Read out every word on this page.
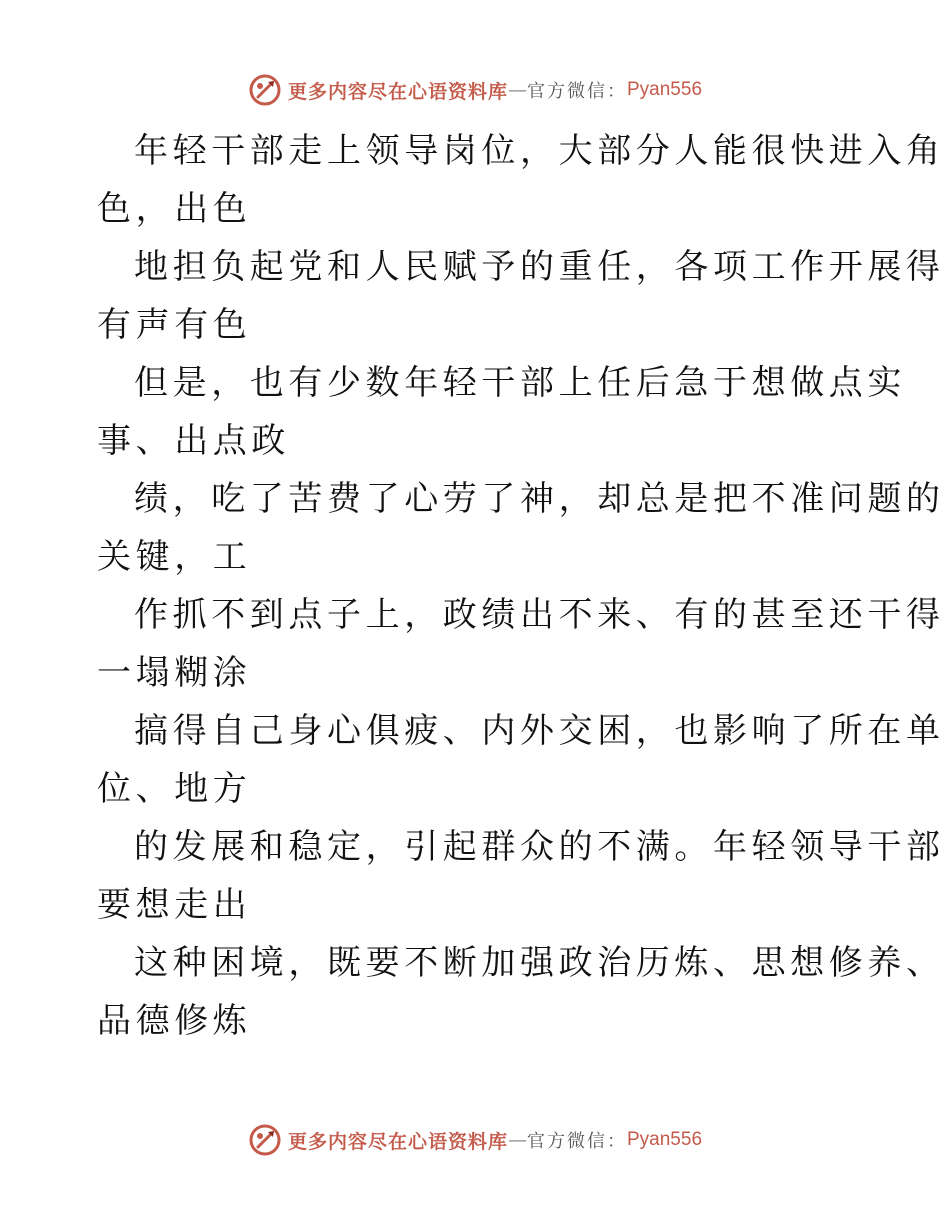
更多内容尽在心语资料库 — 官方微信： Pyan556

年轻干部走上领导岗位，大部分人能很快进入角
色，出色

地担负起党和人民赋予的重任，各项工作开展得
有声有色

但是，也有少数年轻干部上任后急于想做点实
事、出点政

绩，吃了苦费了心劳了神，却总是把不准问题的
关键，工

作抓不到点子上，政绩出不来、有的甚至还干得
一塌糊涂

搞得自己身心俱疲、内外交困，也影响了所在单
位、地方

的发展和稳定，引起群众的不满。年轻领导干部
要想走出

这种困境，既要不断加强政治历炼、思想修养、
品德修炼

更多内容尽在心语资料库 — 官方微信： Pyan556
